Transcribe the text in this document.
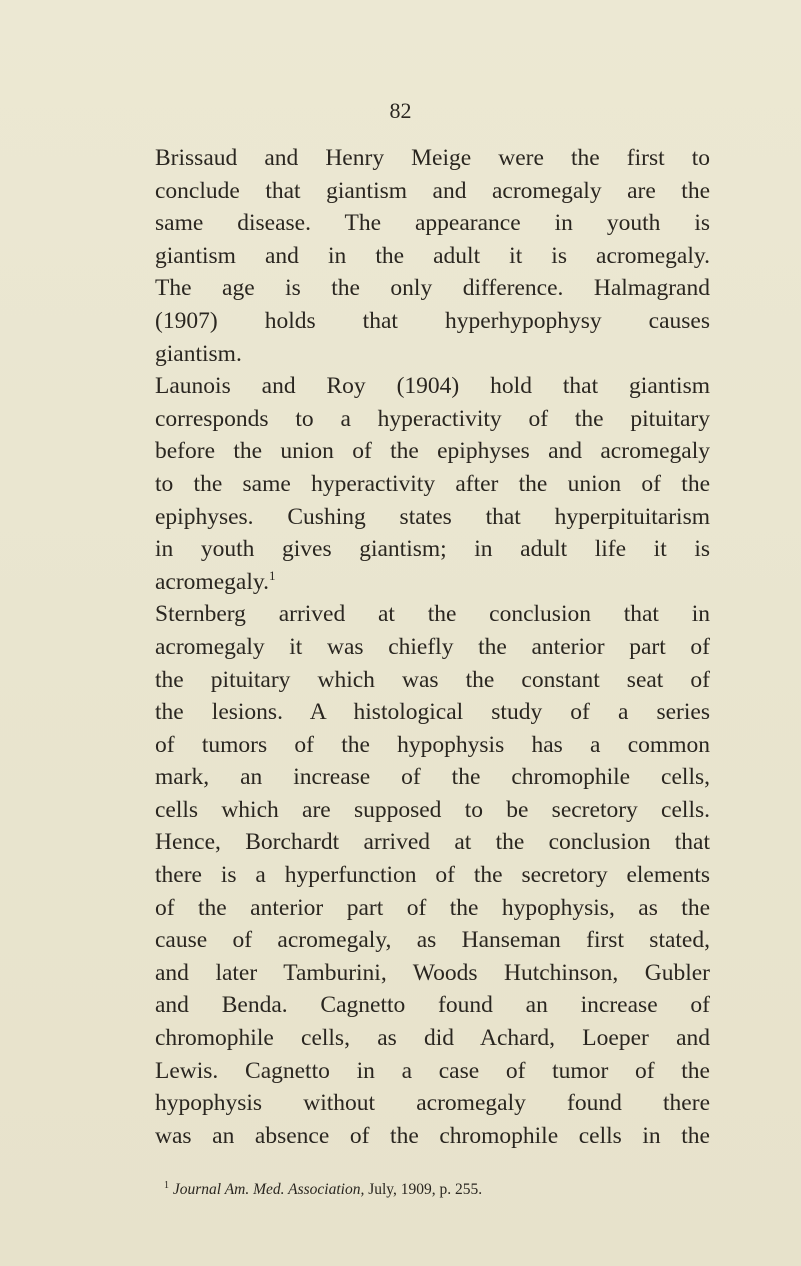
82
Brissaud and Henry Meige were the first to
conclude that giantism and acromegaly are the
same disease. The appearance in youth is
giantism and in the adult it is acromegaly.
The age is the only difference. Halmagrand
(1907) holds that hyperhypophysy causes
giantism.
Launois and Roy (1904) hold that giantism
corresponds to a hyperactivity of the pituitary
before the union of the epiphyses and acromegaly
to the same hyperactivity after the union of the
epiphyses. Cushing states that hyperpituitarism
in youth gives giantism; in adult life it is
acromegaly.$^1$
Sternberg arrived at the conclusion that in
acromegaly it was chiefly the anterior part of
the pituitary which was the constant seat of
the lesions. A histological study of a series
of tumors of the hypophysis has a common
mark, an increase of the chromophile cells,
cells which are supposed to be secretory cells.
Hence, Borchardt arrived at the conclusion that
there is a hyperfunction of the secretory elements
of the anterior part of the hypophysis, as the
cause of acromegaly, as Hanseman first stated,
and later Tamburini, Woods Hutchinson, Gubler
and Benda. Cagnetto found an increase of
chromophile cells, as did Achard, Loeper and
Lewis. Cagnetto in a case of tumor of the
hypophysis without acromegaly found there
was an absence of the chromophile cells in the
$^1$ Journal Am. Med. Association, July, 1909, p. 255.
